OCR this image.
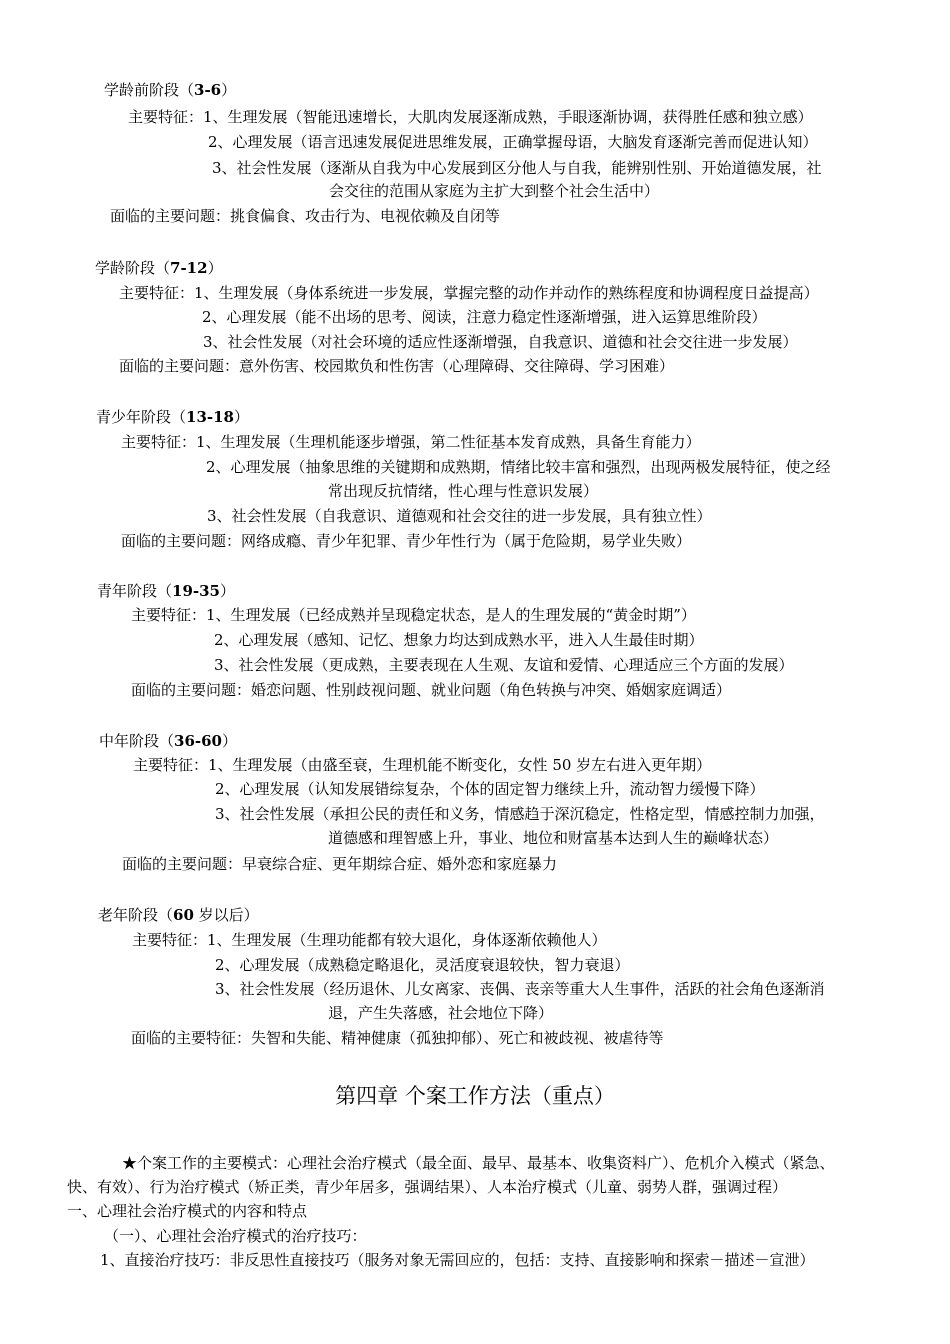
学龄前阶段（3-6）
主要特征：1、生理发展（智能迅速增长，大肌肉发展逐渐成熟，手眼逐渐协调，获得胜任感和独立感）
2、心理发展（语言迅速发展促进思维发展，正确掌握母语，大脑发育逐渐完善而促进认知）
3、社会性发展（逐渐从自我为中心发展到区分他人与自我，能辨别性别、开始道德发展，社
会交往的范围从家庭为主扩大到整个社会生活中）
面临的主要问题：挑食偏食、攻击行为、电视依赖及自闭等
学龄阶段（7-12）
主要特征：1、生理发展（身体系统进一步发展，掌握完整的动作并动作的熟练程度和协调程度日益提高）
2、心理发展（能不出场的思考、阅读，注意力稳定性逐渐增强，进入运算思维阶段）
3、社会性发展（对社会环境的适应性逐渐增强，自我意识、道德和社会交往进一步发展）
面临的主要问题：意外伤害、校园欺负和性伤害（心理障碍、交往障碍、学习困难）
青少年阶段（13-18）
主要特征：1、生理发展（生理机能逐步增强，第二性征基本发育成熟，具备生育能力）
2、心理发展（抽象思维的关键期和成熟期，情绪比较丰富和强烈，出现两极发展特征，使之经
常出现反抗情绪，性心理与性意识发展）
3、社会性发展（自我意识、道德观和社会交往的进一步发展，具有独立性）
面临的主要问题：网络成瘾、青少年犯罪、青少年性行为（属于危险期，易学业失败）
青年阶段（19-35）
主要特征：1、生理发展（已经成熟并呈现稳定状态，是人的生理发展的“黄金时期”）
2、心理发展（感知、记忆、想象力均达到成熟水平，进入人生最佳时期）
3、社会性发展（更成熟，主要表现在人生观、友谊和爱情、心理适应三个方面的发展）
面临的主要问题：婚恋问题、性别歧视问题、就业问题（角色转换与冲突、婚姻家庭调适）
中年阶段（36-60）
主要特征：1、生理发展（由盛至衰，生理机能不断变化，女性 50 岁左右进入更年期）
2、心理发展（认知发展错综复杂，个体的固定智力继续上升，流动智力缓慢下降）
3、社会性发展（承担公民的责任和义务，情感趋于深沉稳定，性格定型，情感控制力加强，
道德感和理智感上升，事业、地位和财富基本达到人生的巅峰状态）
面临的主要问题：早衰综合症、更年期综合症、婚外恋和家庭暴力
老年阶段（60 岁以后）
主要特征：1、生理发展（生理功能都有较大退化，身体逐渐依赖他人）
2、心理发展（成熟稳定略退化，灵活度衰退较快，智力衰退）
3、社会性发展（经历退休、儿女离家、丧偶、丧亲等重大人生事件，活跃的社会角色逐渐消
退，产生失落感，社会地位下降）
面临的主要特征：失智和失能、精神健康（孤独抑郁）、死亡和被歧视、被虐待等
第四章 个案工作方法（重点）
★个案工作的主要模式：心理社会治疗模式（最全面、最早、最基本、收集资料广）、危机介入模式（紧急、
快、有效）、行为治疗模式（矫正类，青少年居多，强调结果）、人本治疗模式（儿童、弱势人群，强调过程）
一、心理社会治疗模式的内容和特点
（一）、心理社会治疗模式的治疗技巧：
1、直接治疗技巧：非反思性直接技巧（服务对象无需回应的，包括：支持、直接影响和探索－描述－宣泄）
